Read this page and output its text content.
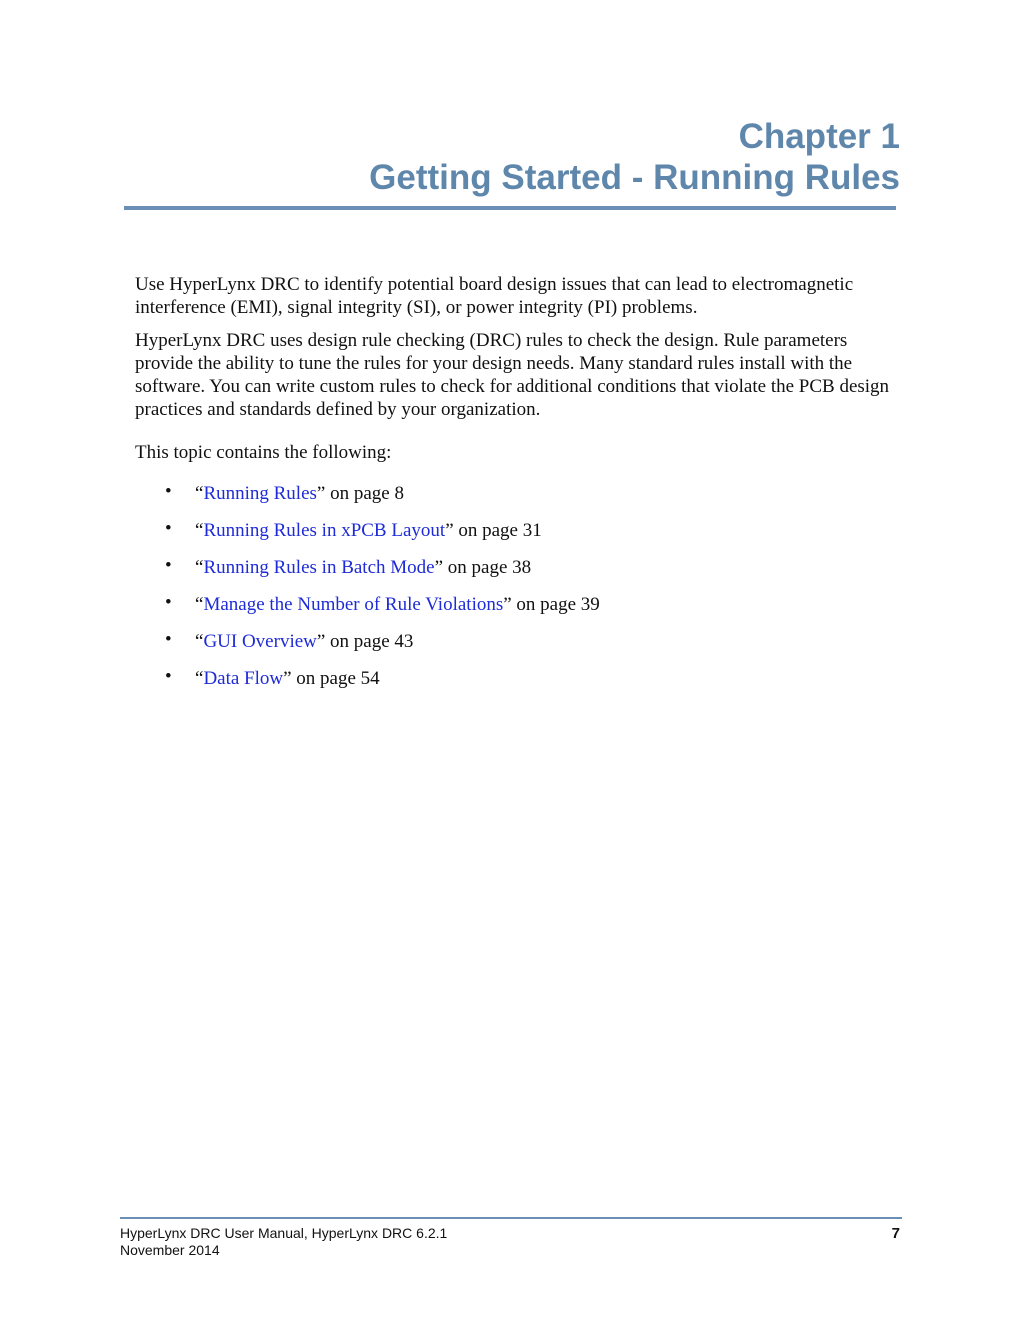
Chapter 1
Getting Started - Running Rules

Use HyperLynx DRC to identify potential board design issues that can lead to electromagnetic interference (EMI), signal integrity (SI), or power integrity (PI) problems.

HyperLynx DRC uses design rule checking (DRC) rules to check the design. Rule parameters provide the ability to tune the rules for your design needs. Many standard rules install with the software. You can write custom rules to check for additional conditions that violate the PCB design practices and standards defined by your organization.

This topic contains the following:

• “Running Rules” on page 8
• “Running Rules in xPCB Layout” on page 31
• “Running Rules in Batch Mode” on page 38
• “Manage the Number of Rule Violations” on page 39
• “GUI Overview” on page 43
• “Data Flow” on page 54
HyperLynx DRC User Manual, HyperLynx DRC 6.2.1
November 2014
7
